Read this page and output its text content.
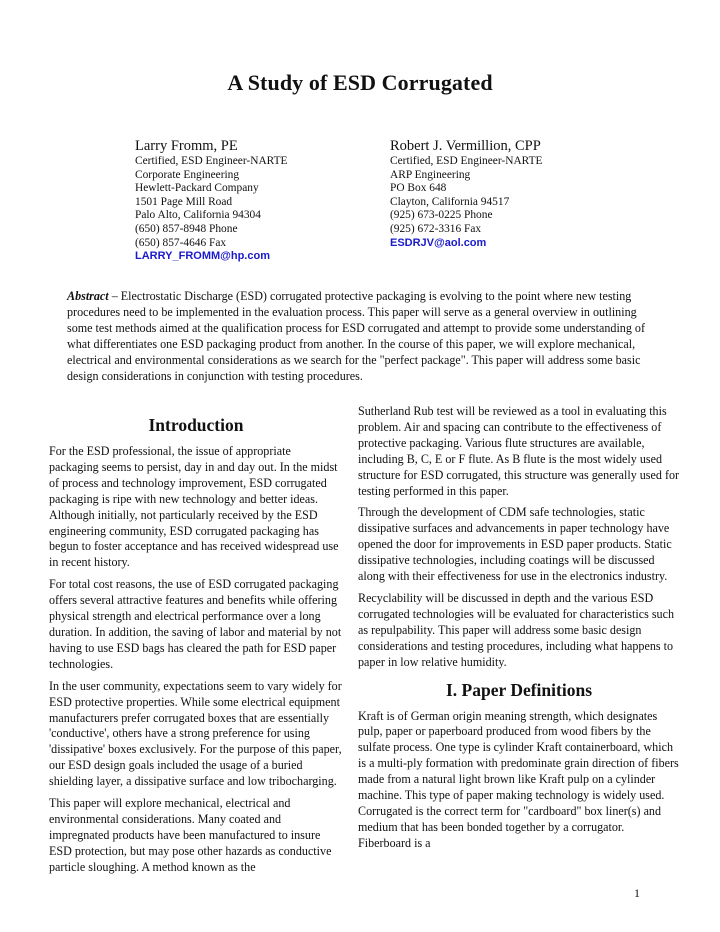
A Study of ESD Corrugated
Larry Fromm, PE
Certified, ESD Engineer-NARTE
Corporate Engineering
Hewlett-Packard Company
1501 Page Mill Road
Palo Alto, California 94304
(650) 857-8948 Phone
(650) 857-4646 Fax
LARRY_FROMM@hp.com
Robert J. Vermillion, CPP
Certified, ESD Engineer-NARTE
ARP Engineering
PO Box 648
Clayton, California 94517
(925) 673-0225 Phone
(925) 672-3316 Fax
ESDRJV@aol.com

Abstract – Electrostatic Discharge (ESD) corrugated protective packaging is evolving to the point where new testing procedures need to be implemented in the evaluation process. This paper will serve as a general overview in outlining some test methods aimed at the qualification process for ESD corrugated and attempt to provide some understanding of what differentiates one ESD packaging product from another. In the course of this paper, we will explore mechanical, electrical and environmental considerations as we search for the "perfect package". This paper will address some basic design considerations in conjunction with testing procedures.

Introduction

For the ESD professional, the issue of appropriate packaging seems to persist, day in and day out. In the midst of process and technology improvement, ESD corrugated packaging is ripe with new technology and better ideas. Although initially, not particularly received by the ESD engineering community, ESD corrugated packaging has begun to foster acceptance and has received widespread use in recent history.

For total cost reasons, the use of ESD corrugated packaging offers several attractive features and benefits while offering physical strength and electrical performance over a long duration. In addition, the saving of labor and material by not having to use ESD bags has cleared the path for ESD paper technologies.

In the user community, expectations seem to vary widely for ESD protective properties. While some electrical equipment manufacturers prefer corrugated boxes that are essentially 'conductive', others have a strong preference for using 'dissipative' boxes exclusively. For the purpose of this paper, our ESD design goals included the usage of a buried shielding layer, a dissipative surface and low tribocharging.

This paper will explore mechanical, electrical and environmental considerations. Many coated and impregnated products have been manufactured to insure ESD protection, but may pose other hazards as conductive particle sloughing. A method known as the

Sutherland Rub test will be reviewed as a tool in evaluating this problem. Air and spacing can contribute to the effectiveness of protective packaging. Various flute structures are available, including B, C, E or F flute. As B flute is the most widely used structure for ESD corrugated, this structure was generally used for testing performed in this paper.

Through the development of CDM safe technologies, static dissipative surfaces and advancements in paper technology have opened the door for improvements in ESD paper products. Static dissipative technologies, including coatings will be discussed along with their effectiveness for use in the electronics industry.

Recyclability will be discussed in depth and the various ESD corrugated technologies will be evaluated for characteristics such as repulpability. This paper will address some basic design considerations and testing procedures, including what happens to paper in low relative humidity.

I. Paper Definitions

Kraft is of German origin meaning strength, which designates pulp, paper or paperboard produced from wood fibers by the sulfate process. One type is cylinder Kraft containerboard, which is a multi-ply formation with predominate grain direction of fibers made from a natural light brown like Kraft pulp on a cylinder machine. This type of paper making technology is widely used. Corrugated is the correct term for "cardboard" box liner(s) and medium that has been bonded together by a corrugator. Fiberboard is a

1
